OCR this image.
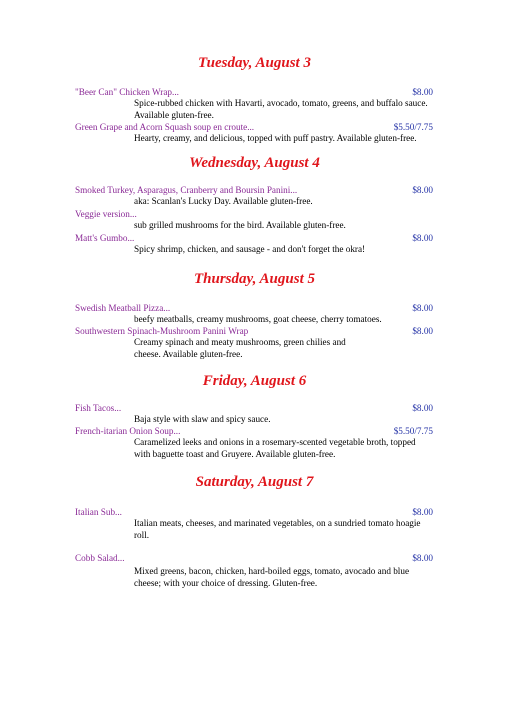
Tuesday, August 3
"Beer Can" Chicken Wrap...	$8.00
Spice-rubbed chicken with Havarti, avocado, tomato, greens, and buffalo sauce. Available gluten-free.
Green Grape and Acorn Squash soup en croute...	$5.50/7.75
Hearty, creamy, and delicious, topped with puff pastry. Available gluten-free.
Wednesday, August 4
Smoked Turkey, Asparagus, Cranberry and Boursin Panini...	$8.00
aka: Scanlan's Lucky Day. Available gluten-free.
Veggie version...
sub grilled mushrooms for the bird. Available gluten-free.
Matt's Gumbo...	$8.00
Spicy shrimp, chicken, and sausage - and don't forget the okra!
Thursday, August 5
Swedish Meatball Pizza...	$8.00
beefy meatballs, creamy mushrooms, goat cheese, cherry tomatoes.
Southwestern Spinach-Mushroom Panini Wrap	$8.00
Creamy spinach and meaty mushrooms, green chilies and cheese. Available gluten-free.
Friday, August 6
Fish Tacos...	$8.00
Baja style with slaw and spicy sauce.
French-itarian Onion Soup...	$5.50/7.75
Caramelized leeks and onions in a rosemary-scented vegetable broth, topped with baguette toast and Gruyere. Available gluten-free.
Saturday, August 7
Italian Sub...	$8.00
Italian meats, cheeses, and marinated vegetables, on a sundried tomato hoagie roll.
Cobb Salad...	$8.00
Mixed greens, bacon, chicken, hard-boiled eggs, tomato, avocado and blue cheese; with your choice of dressing. Gluten-free.
